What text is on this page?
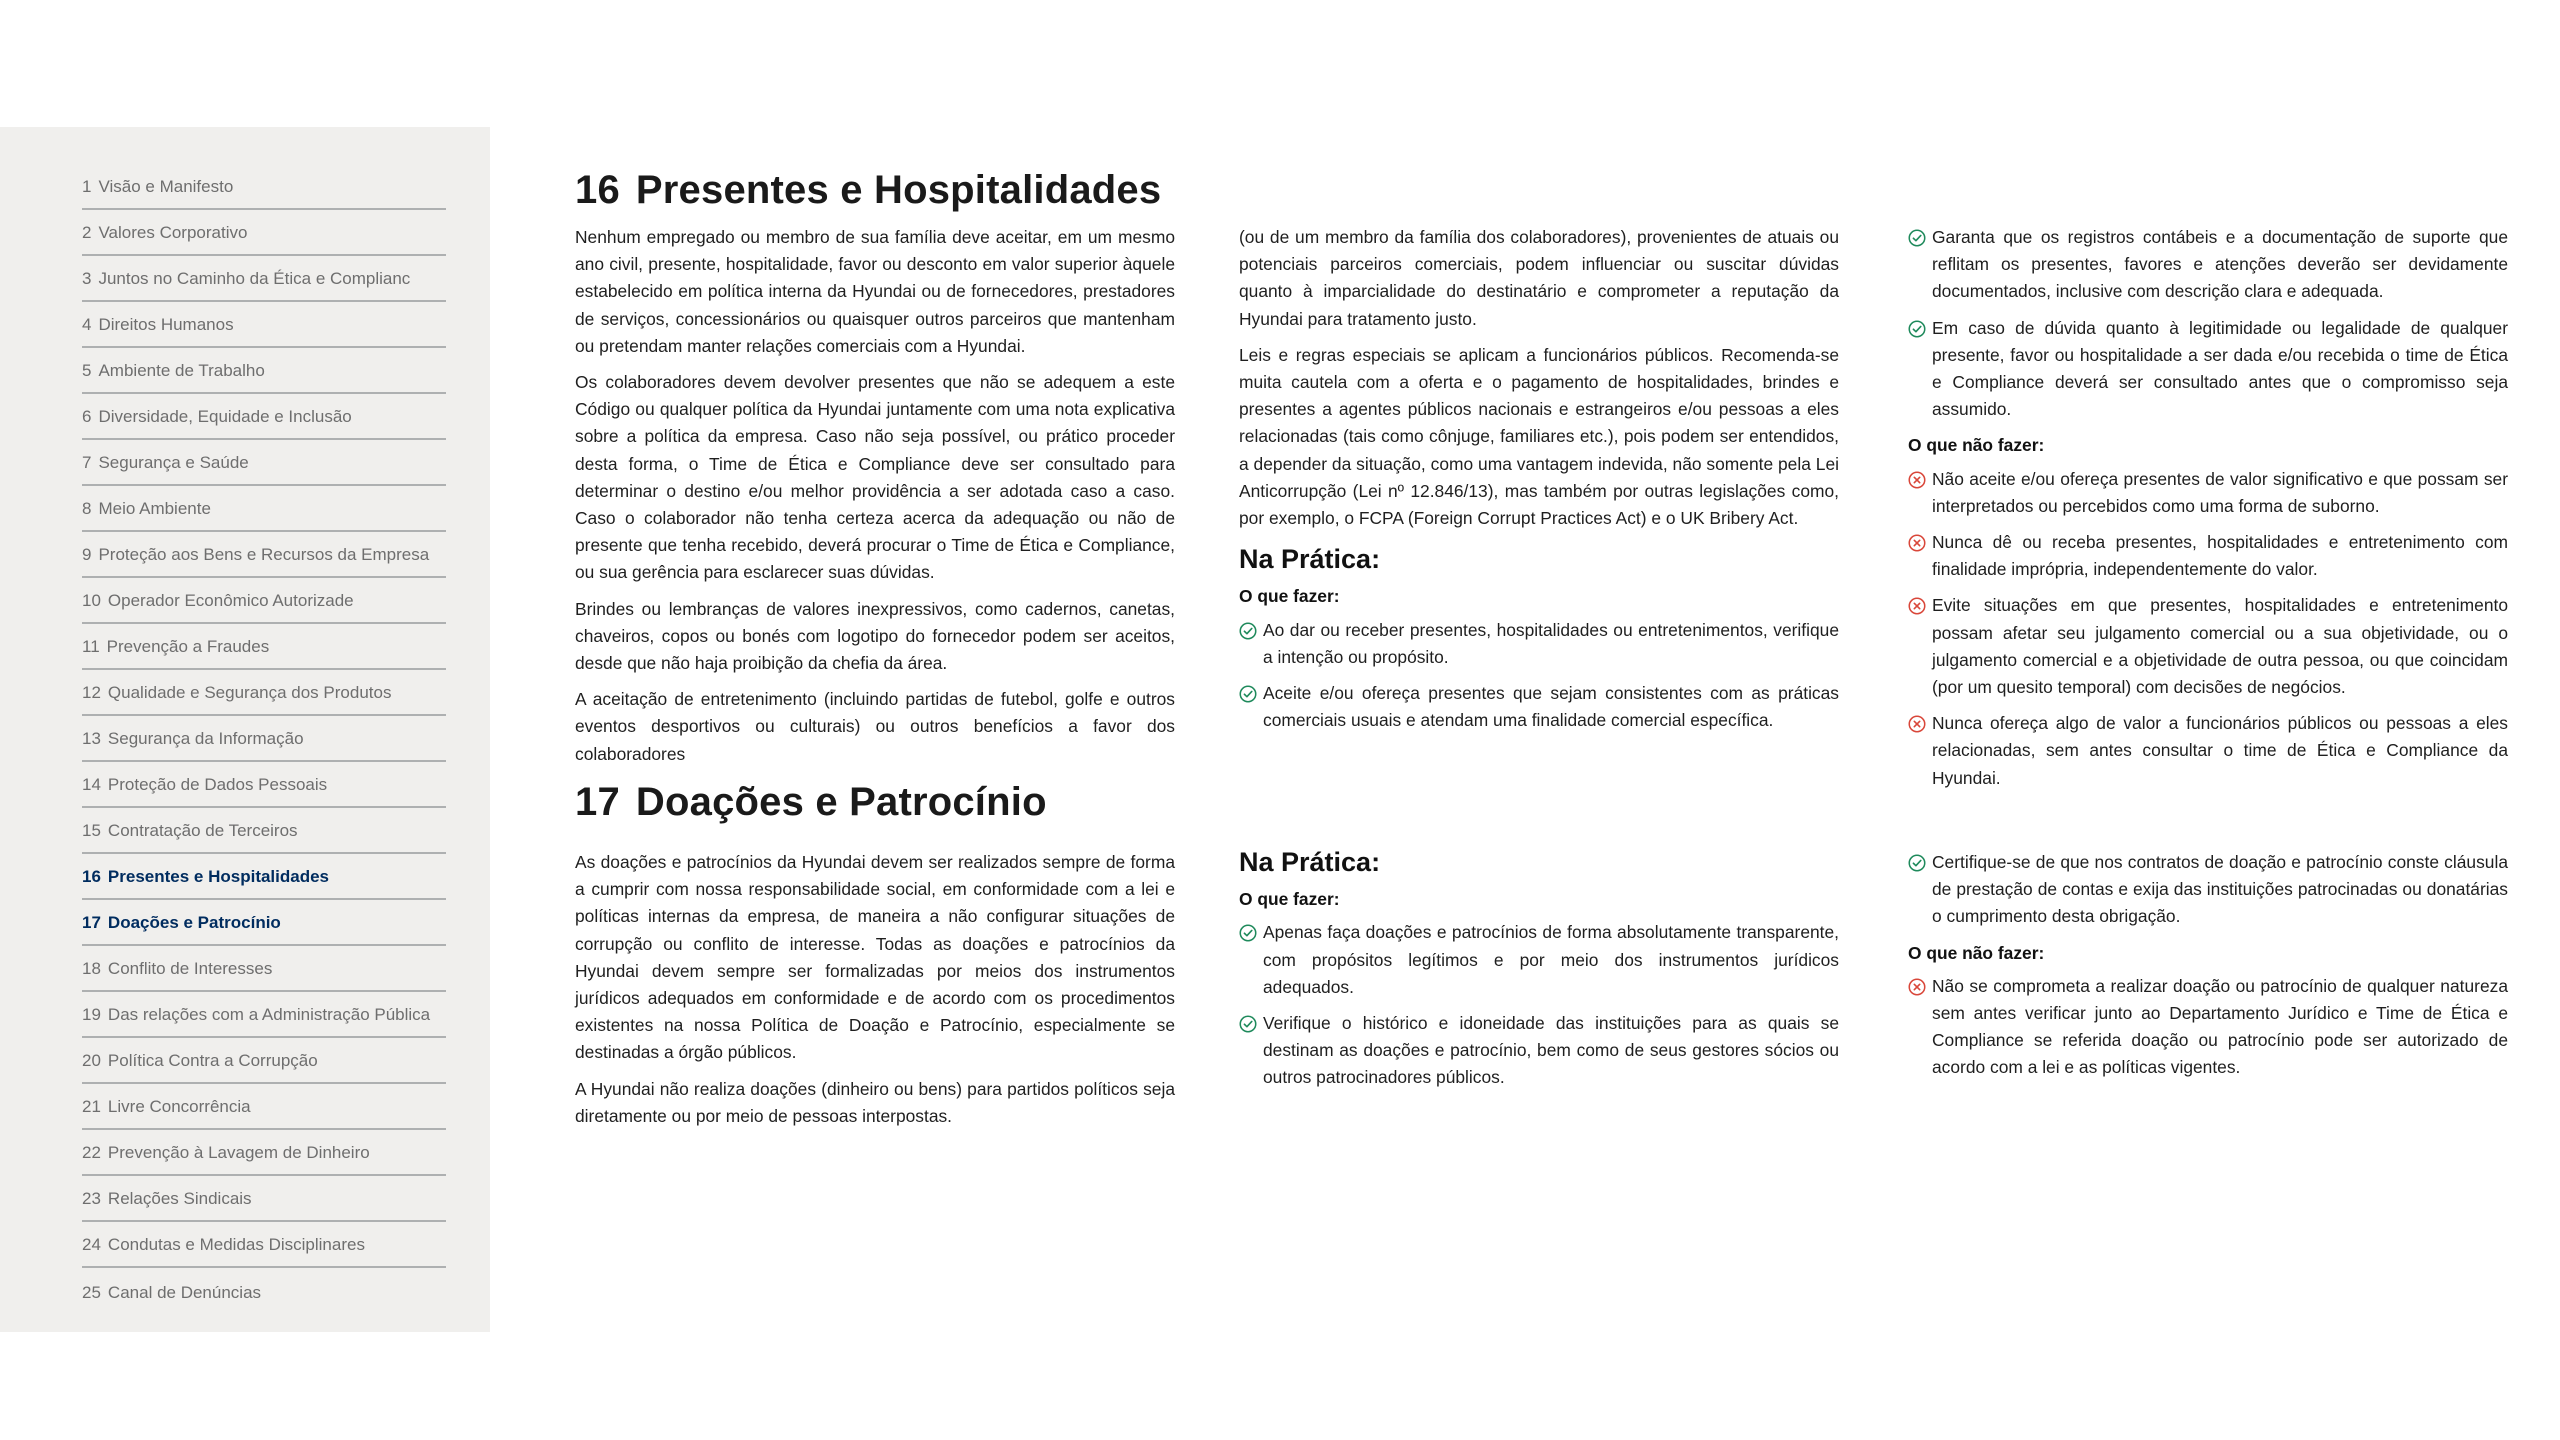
1 Visão e Manifesto
2 Valores Corporativo
3 Juntos no Caminho da Ética e Complianc
4 Direitos Humanos
5 Ambiente de Trabalho
6 Diversidade, Equidade e Inclusão
7 Segurança e Saúde
8 Meio Ambiente
9 Proteção aos Bens e Recursos da Empresa
10 Operador Econômico Autorizade
11 Prevenção a Fraudes
12 Qualidade e Segurança dos Produtos
13 Segurança da Informação
14 Proteção de Dados Pessoais
15 Contratação de Terceiros
16 Presentes e Hospitalidades
17 Doações e Patrocínio
18 Conflito de Interesses
19 Das relações com a Administração Pública
20 Política Contra a Corrupção
21 Livre Concorrência
22 Prevenção à Lavagem de Dinheiro
23 Relações Sindicais
24 Condutas e Medidas Disciplinares
25 Canal de Denúncias
16 Presentes e Hospitalidades

Nenhum empregado ou membro de sua família deve aceitar, em um mesmo ano civil, presente, hospitalidade, favor ou desconto em valor superior àquele estabelecido em política interna da Hyundai ou de fornecedores, prestadores de serviços, concessionários ou quaisquer outros parceiros que mantenham ou pretendam manter relações comerciais com a Hyundai.

Os colaboradores devem devolver presentes que não se adequem a este Código ou qualquer política da Hyundai juntamente com uma nota explicativa sobre a política da empresa. Caso não seja possível, ou prático proceder desta forma, o Time de Ética e Compliance deve ser consultado para determinar o destino e/ou melhor providência a ser adotada caso a caso. Caso o colaborador não tenha certeza acerca da adequação ou não de presente que tenha recebido, deverá procurar o Time de Ética e Compliance, ou sua gerência para esclarecer suas dúvidas.

Brindes ou lembranças de valores inexpressivos, como cadernos, canetas, chaveiros, copos ou bonés com logotipo do fornecedor podem ser aceitos, desde que não haja proibição da chefia da área.

A aceitação de entretenimento (incluindo partidas de futebol, golfe e outros eventos desportivos ou culturais) ou outros benefícios a favor dos colaboradores

(ou de um membro da família dos colaboradores), provenientes de atuais ou potenciais parceiros comerciais, podem influenciar ou suscitar dúvidas quanto à imparcialidade do destinatário e comprometer a reputação da Hyundai para tratamento justo.

Leis e regras especiais se aplicam a funcionários públicos. Recomenda-se muita cautela com a oferta e o pagamento de hospitalidades, brindes e presentes a agentes públicos nacionais e estrangeiros e/ou pessoas a eles relacionadas (tais como cônjuge, familiares etc.), pois podem ser entendidos, a depender da situação, como uma vantagem indevida, não somente pela Lei Anticorrupção (Lei nº 12.846/13), mas também por outras legislações como, por exemplo, o FCPA (Foreign Corrupt Practices Act) e o UK Bribery Act.

Na Prática:
O que fazer:
Ao dar ou receber presentes, hospitalidades ou entretenimentos, verifique a intenção ou propósito.
Aceite e/ou ofereça presentes que sejam consistentes com as práticas comerciais usuais e atendam uma finalidade comercial específica.
Garanta que os registros contábeis e a documentação de suporte que reflitam os presentes, favores e atenções deverão ser devidamente documentados, inclusive com descrição clara e adequada.
Em caso de dúvida quanto à legitimidade ou legalidade de qualquer presente, favor ou hospitalidade a ser dada e/ou recebida o time de Ética e Compliance deverá ser consultado antes que o compromisso seja assumido.
O que não fazer:
Não aceite e/ou ofereça presentes de valor significativo e que possam ser interpretados ou percebidos como uma forma de suborno.
Nunca dê ou receba presentes, hospitalidades e entretenimento com finalidade imprópria, independentemente do valor.
Evite situações em que presentes, hospitalidades e entretenimento possam afetar seu julgamento comercial ou a sua objetividade, ou o julgamento comercial e a objetividade de outra pessoa, ou que coincidam (por um quesito temporal) com decisões de negócios.
Nunca ofereça algo de valor a funcionários públicos ou pessoas a eles relacionadas, sem antes consultar o time de Ética e Compliance da Hyundai.
17 Doações e Patrocínio

As doações e patrocínios da Hyundai devem ser realizados sempre de forma a cumprir com nossa responsabilidade social, em conformidade com a lei e políticas internas da empresa, de maneira a não configurar situações de corrupção ou conflito de interesse. Todas as doações e patrocínios da Hyundai devem sempre ser formalizadas por meios dos instrumentos jurídicos adequados em conformidade e de acordo com os procedimentos existentes na nossa Política de Doação e Patrocínio, especialmente se destinadas a órgão públicos.

A Hyundai não realiza doações (dinheiro ou bens) para partidos políticos seja diretamente ou por meio de pessoas interpostas.

Na Prática:
O que fazer:
Apenas faça doações e patrocínios de forma absolutamente transparente, com propósitos legítimos e por meio dos instrumentos jurídicos adequados.
Verifique o histórico e idoneidade das instituições para as quais se destinam as doações e patrocínio, bem como de seus gestores sócios ou outros patrocinadores públicos.
Certifique-se de que nos contratos de doação e patrocínio conste cláusula de prestação de contas e exija das instituições patrocinadas ou donatárias o cumprimento desta obrigação.
O que não fazer:
Não se comprometa a realizar doação ou patrocínio de qualquer natureza sem antes verificar junto ao Departamento Jurídico e Time de Ética e Compliance se referida doação ou patrocínio pode ser autorizado de acordo com a lei e as políticas vigentes.
